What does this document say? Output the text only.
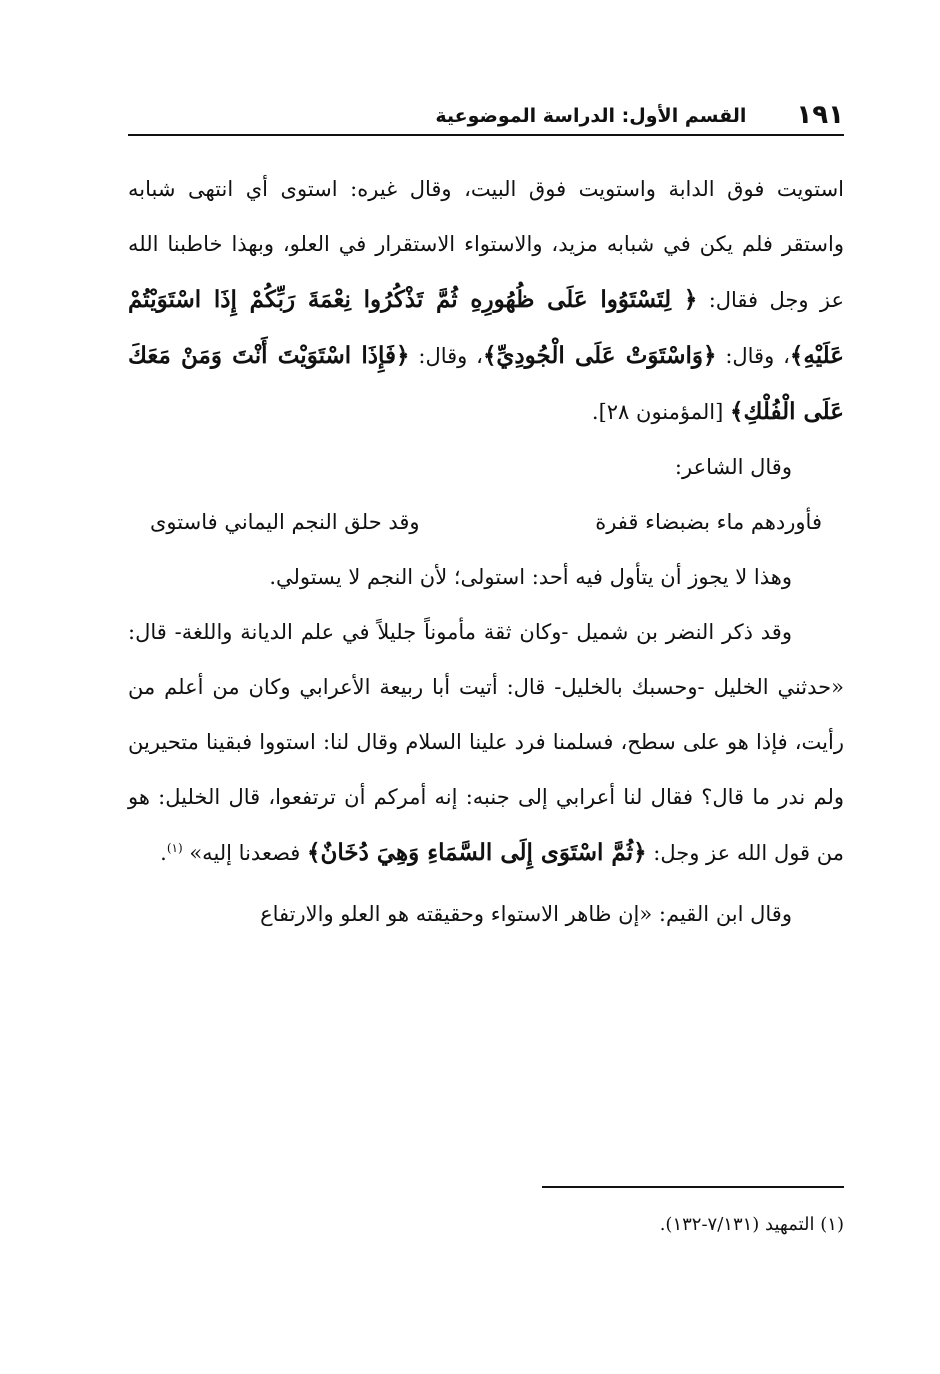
١٩١
القسم الأول: الدراسة الموضوعية

استويت فوق الدابة واستويت فوق البيت، وقال غيره: استوى أي انتهى شبابه واستقر فلم يكن في شبابه مزيد، والاستواء الاستقرار في العلو، وبهذا خاطبنا الله عز وجل فقال: ﴿ لِتَسْتَوُوا عَلَى ظُهُورِهِ ثُمَّ تَذْكُرُوا نِعْمَةَ رَبِّكُمْ إِذَا اسْتَوَيْتُمْ عَلَيْهِ﴾، وقال: ﴿وَاسْتَوَتْ عَلَى الْجُودِيِّ﴾، وقال: ﴿فَإِذَا اسْتَوَيْتَ أَنْتَ وَمَنْ مَعَكَ عَلَى الْفُلْكِ﴾ [المؤمنون ٢٨].

وقال الشاعر:

فأوردهم ماء بضبضاء قفرة
وقد حلق النجم اليماني فاستوى

وهذا لا يجوز أن يتأول فيه أحد: استولى؛ لأن النجم لا يستولي.

وقد ذكر النضر بن شميل -وكان ثقة مأموناً جليلاً في علم الديانة واللغة- قال: «حدثني الخليل -وحسبك بالخليل- قال: أتيت أبا ربيعة الأعرابي وكان من أعلم من رأيت، فإذا هو على سطح، فسلمنا فرد علينا السلام وقال لنا: استووا فبقينا متحيرين ولم ندر ما قال؟ فقال لنا أعرابي إلى جنبه: إنه أمركم أن ترتفعوا، قال الخليل: هو من قول الله عز وجل: ﴿ثُمَّ اسْتَوَى إِلَى السَّمَاءِ وَهِيَ دُخَانٌ﴾ فصعدنا إليه» $^{(١)}$.

وقال ابن القيم: «إن ظاهر الاستواء وحقيقته هو العلو والارتفاع

(١) التمهيد (٧/١٣١-١٣٢).
